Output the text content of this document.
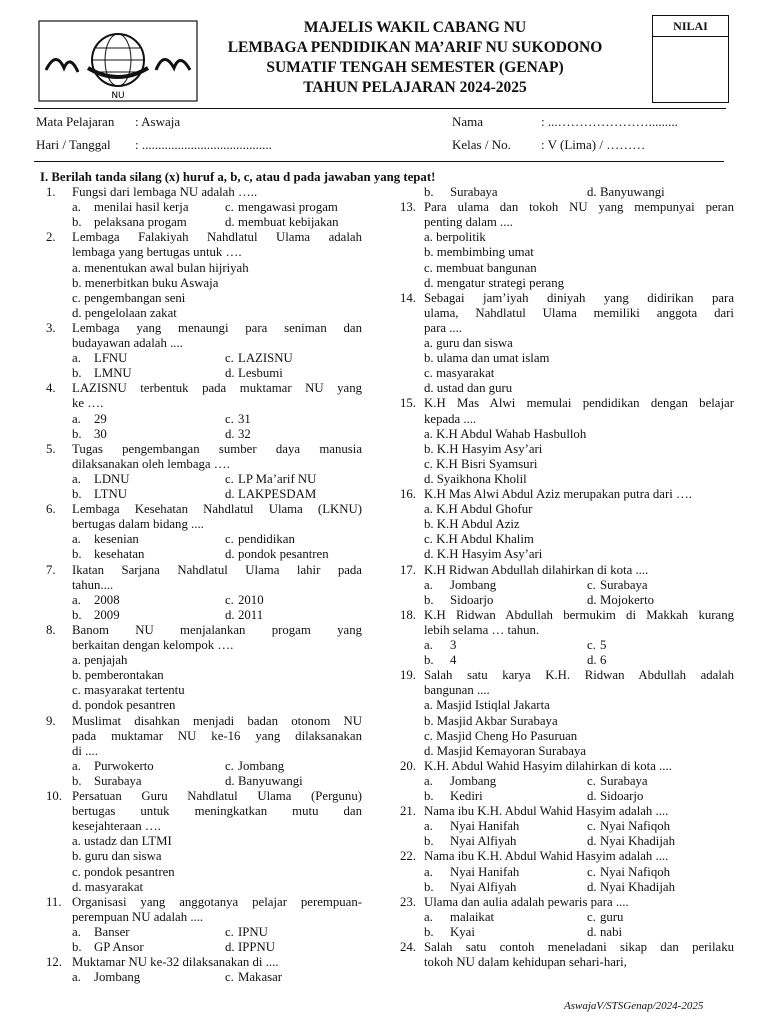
NU
MAJELIS WAKIL CABANG NU
LEMBAGA PENDIDIKAN MA’ARIF NU SUKODONO
SUMATIF TENGAH SEMESTER (GENAP)
TAHUN PELAJARAN 2024-2025
NILAI
Mata Pelajaran : Aswaja
Hari / Tanggal : ........................................
Nama	: ...………………….........
Kelas / No. : V (Lima) / ………
I. Berilah tanda silang (x) huruf a, b, c, atau d pada jawaban yang tepat!
1. Fungsi dari lembaga NU adalah …..
a. menilai hasil kerja	c. mengawasi progam
b. pelaksana progam	d. membuat kebijakan
2. Lembaga Falakiyah Nahdlatul Ulama adalah
lembaga yang bertugas untuk ….
a. menentukan awal bulan hijriyah
b. menerbitkan buku Aswaja
c. pengembangan seni
d. pengelolaan zakat
3. Lembaga yang menaungi para seniman dan
budayawan adalah ....
a. LFNU	c. LAZISNU
b. LMNU	d. Lesbumi
4. LAZISNU terbentuk pada muktamar NU yang
ke ….
a. 29	c. 31
b. 30	d. 32
5. Tugas pengembangan sumber daya manusia
dilaksanakan oleh lembaga ….
a. LDNU	c. LP Ma’arif NU
b. LTNU	d. LAKPESDAM
6. Lembaga Kesehatan Nahdlatul Ulama (LKNU)
bertugas dalam bidang ....
a. kesenian	c. pendidikan
b. kesehatan	d. pondok pesantren
7. Ikatan Sarjana Nahdlatul Ulama lahir pada
tahun....
a. 2008	c. 2010
b. 2009	d. 2011
8. Banom NU menjalankan progam yang
berkaitan dengan kelompok ….
a. penjajah
b. pemberontakan
c. masyarakat tertentu
d. pondok pesantren
9. Muslimat disahkan menjadi badan otonom NU
pada muktamar NU ke-16 yang dilaksanakan
di ....
a. Purwokerto	c. Jombang
b. Surabaya	d. Banyuwangi
10. Persatuan Guru Nahdlatul Ulama (Pergunu)
bertugas untuk meningkatkan mutu dan
kesejahteraan ….
a. ustadz dan LTMI
b. guru dan siswa
c. pondok pesantren
d. masyarakat
11. Organisasi yang anggotanya pelajar perempuan-
perempuan NU adalah ....
a. Banser	c. IPNU
b. GP Ansor	d. IPPNU
12. Muktamar NU ke-32 dilaksanakan di ....
a. Jombang	c. Makasar
b. Surabaya	d. Banyuwangi
13. Para ulama dan tokoh NU yang mempunyai peran
penting dalam ....
a. berpolitik
b. membimbing umat
c. membuat bangunan
d. mengatur strategi perang
14. Sebagai jam’iyah diniyah yang didirikan para
ulama, Nahdlatul Ulama memiliki anggota dari
para ....
a. guru dan siswa
b. ulama dan umat islam
c. masyarakat
d. ustad dan guru
15. K.H Mas Alwi memulai pendidikan dengan belajar
kepada ....
a. K.H Abdul Wahab Hasbulloh
b. K.H Hasyim Asy’ari
c. K.H Bisri Syamsuri
d. Syaikhona Kholil
16. K.H Mas Alwi Abdul Aziz merupakan putra dari ….
a. K.H Abdul Ghofur
b. K.H Abdul Aziz
c. K.H Abdul Khalim
d. K.H Hasyim Asy’ari
17. K.H Ridwan Abdullah dilahirkan di kota ....
a. Jombang	c. Surabaya
b. Sidoarjo	d. Mojokerto
18. K.H Ridwan Abdullah bermukim di Makkah kurang
lebih selama … tahun.
a. 3	c. 5
b. 4	d. 6
19. Salah satu karya K.H. Ridwan Abdullah adalah
bangunan ....
a. Masjid Istiqlal Jakarta
b. Masjid Akbar Surabaya
c. Masjid Cheng Ho Pasuruan
d. Masjid Kemayoran Surabaya
20. K.H. Abdul Wahid Hasyim dilahirkan di kota ....
a. Jombang	c. Surabaya
b. Kediri	d. Sidoarjo
21. Nama ibu K.H. Abdul Wahid Hasyim adalah ....
a. Nyai Hanifah	c. Nyai Nafiqoh
b. Nyai Alfiyah	d. Nyai Khadijah
22. Nama ibu K.H. Abdul Wahid Hasyim adalah ....
a. Nyai Hanifah	c. Nyai Nafiqoh
b. Nyai Alfiyah	d. Nyai Khadijah
23. Ulama dan aulia adalah pewaris para ....
a. malaikat	c. guru
b. Kyai	d. nabi
24. Salah satu contoh meneladani sikap dan perilaku
tokoh NU dalam kehidupan sehari-hari,
AswajaV/STSGenap/2024-2025
